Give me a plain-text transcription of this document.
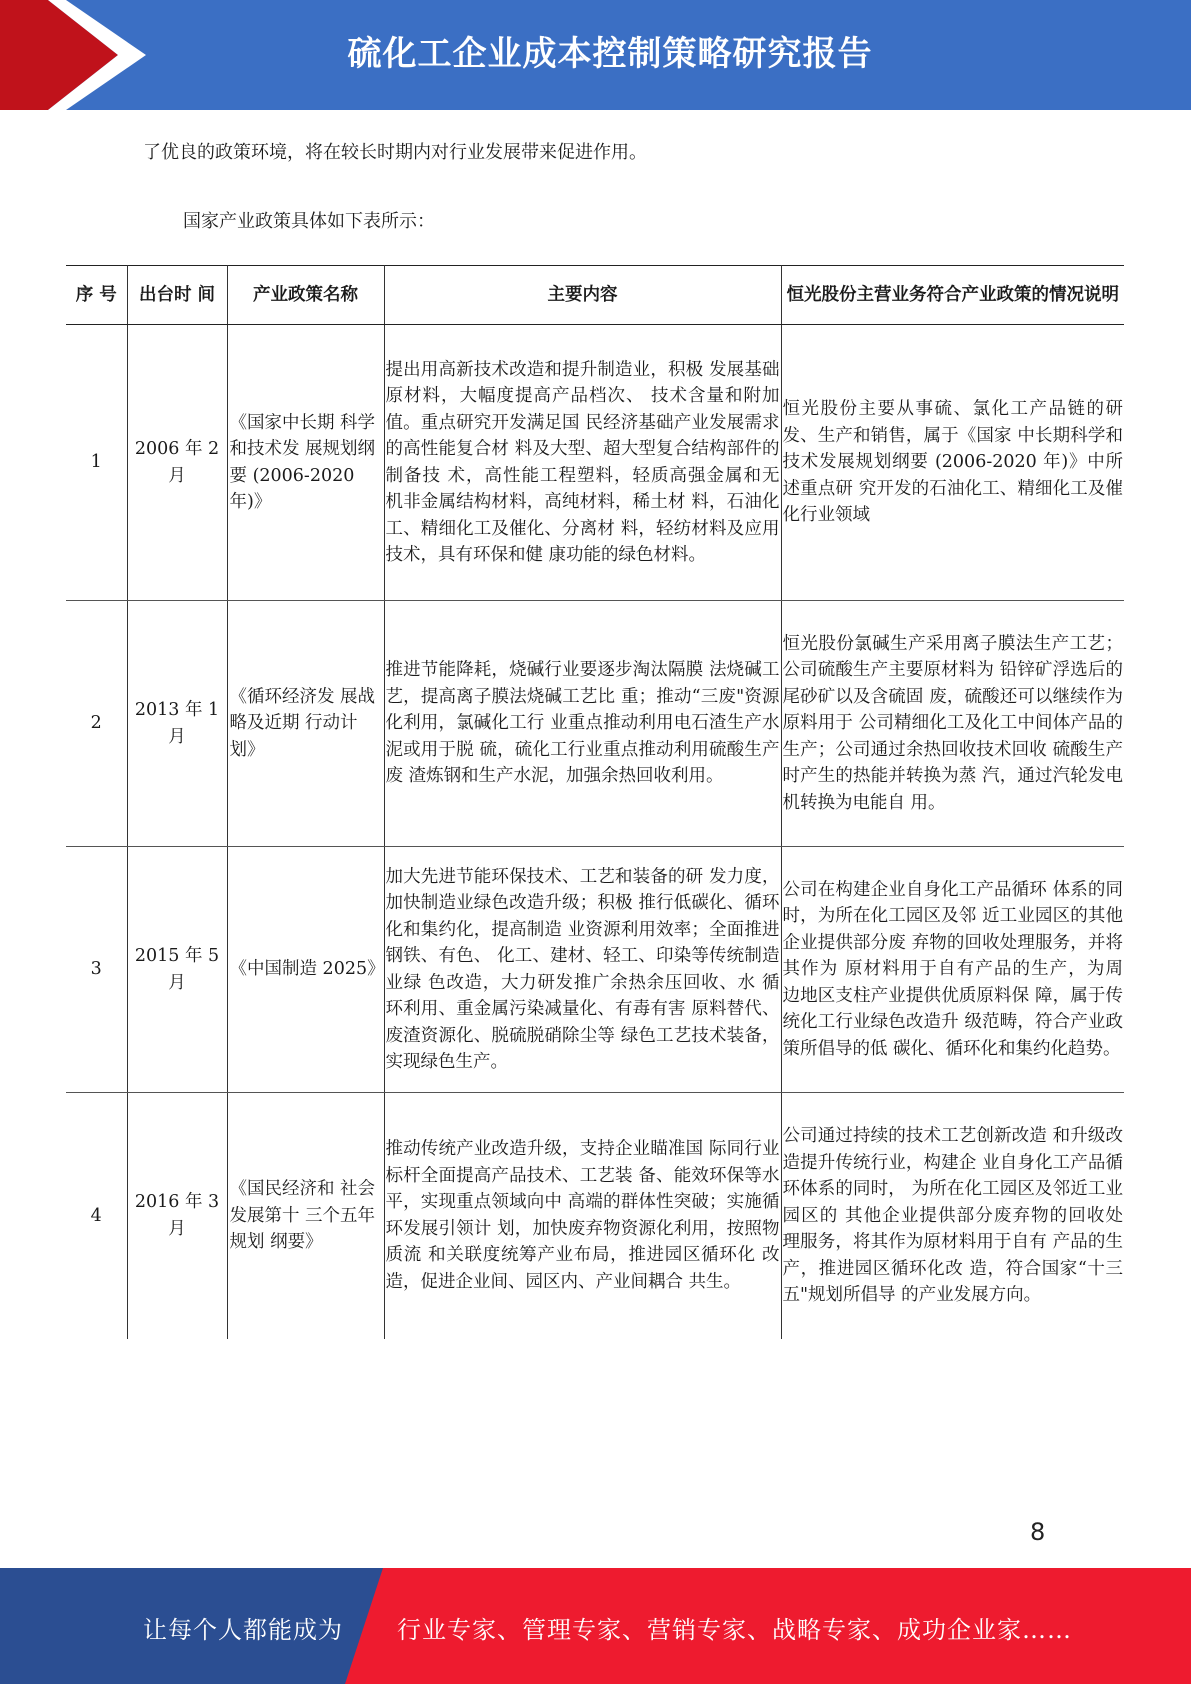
硫化工企业成本控制策略研究报告
了优良的政策环境，将在较长时期内对行业发展带来促进作用。
国家产业政策具体如下表所示：
序 号	出台时 间	产业政策名称	主要内容	恒光股份主营业务符合产业政策的情况说明
1	2006 年 2 月	《国家中长期 科学和技术发 展规划纲要 (2006-2020 年)》	提出用高新技术改造和提升制造业，积极 发展基础原材料，大幅度提高产品档次、 技术含量和附加值。重点研究开发满足国 民经济基础产业发展需求的高性能复合材 料及大型、超大型复合结构部件的制备技 术，高性能工程塑料，轻质高强金属和无 机非金属结构材料，高纯材料，稀土材 料，石油化工、精细化工及催化、分离材 料，轻纺材料及应用技术，具有环保和健 康功能的绿色材料。	恒光股份主要从事硫、氯化工产品链的研发、生产和销售，属于《国家 中长期科学和技术发展规划纲要 (2006-2020 年)》中所述重点研 究开发的石油化工、精细化工及催 化行业领域
2	2013 年 1 月	《循环经济发 展战略及近期 行动计划》	推进节能降耗，烧碱行业要逐步淘汰隔膜 法烧碱工艺，提高离子膜法烧碱工艺比 重；推动“三废"资源化利用，氯碱化工行 业重点推动利用电石渣生产水泥或用于脱 硫，硫化工行业重点推动利用硫酸生产废 渣炼钢和生产水泥，加强余热回收利用。	恒光股份氯碱生产采用离子膜法生产工艺；公司硫酸生产主要原材料为 铅锌矿浮选后的尾砂矿以及含硫固 废，硫酸还可以继续作为原料用于 公司精细化工及化工中间体产品的 生产；公司通过余热回收技术回收 硫酸生产时产生的热能并转换为蒸 汽，通过汽轮发电机转换为电能自 用。
3	2015 年 5 月	《中国制造 2025》	加大先进节能环保技术、工艺和装备的研 发力度，加快制造业绿色改造升级；积极 推行低碳化、循环化和集约化，提高制造 业资源利用效率；全面推进钢铁、有色、 化工、建材、轻工、印染等传统制造业绿 色改造，大力研发推广余热余压回收、水 循环利用、重金属污染减量化、有毒有害 原料替代、废渣资源化、脱硫脱硝除尘等 绿色工艺技术装备，实现绿色生产。	公司在构建企业自身化工产品循环 体系的同时，为所在化工园区及邻 近工业园区的其他企业提供部分废 弃物的回收处理服务，并将其作为 原材料用于自有产品的生产，为周 边地区支柱产业提供优质原料保 障，属于传统化工行业绿色改造升 级范畴，符合产业政策所倡导的低 碳化、循环化和集约化趋势。
4	2016 年 3 月	《国民经济和 社会发展第十 三个五年规划 纲要》	推动传统产业改造升级，支持企业瞄准国 际同行业标杆全面提高产品技术、工艺装 备、能效环保等水平，实现重点领域向中 高端的群体性突破；实施循环发展引领计 划，加快废弃物资源化利用，按照物质流 和关联度统筹产业布局，推进园区循环化 改造，促进企业间、园区内、产业间耦合 共生。	公司通过持续的技术工艺创新改造 和升级改造提升传统行业，构建企 业自身化工产品循环体系的同时， 为所在化工园区及邻近工业园区的 其他企业提供部分废弃物的回收处 理服务，将其作为原材料用于自有 产品的生产，推进园区循环化改 造，符合国家“十三五"规划所倡导 的产业发展方向。
8
让每个人都能成为 行业专家、管理专家、营销专家、战略专家、成功企业家……
